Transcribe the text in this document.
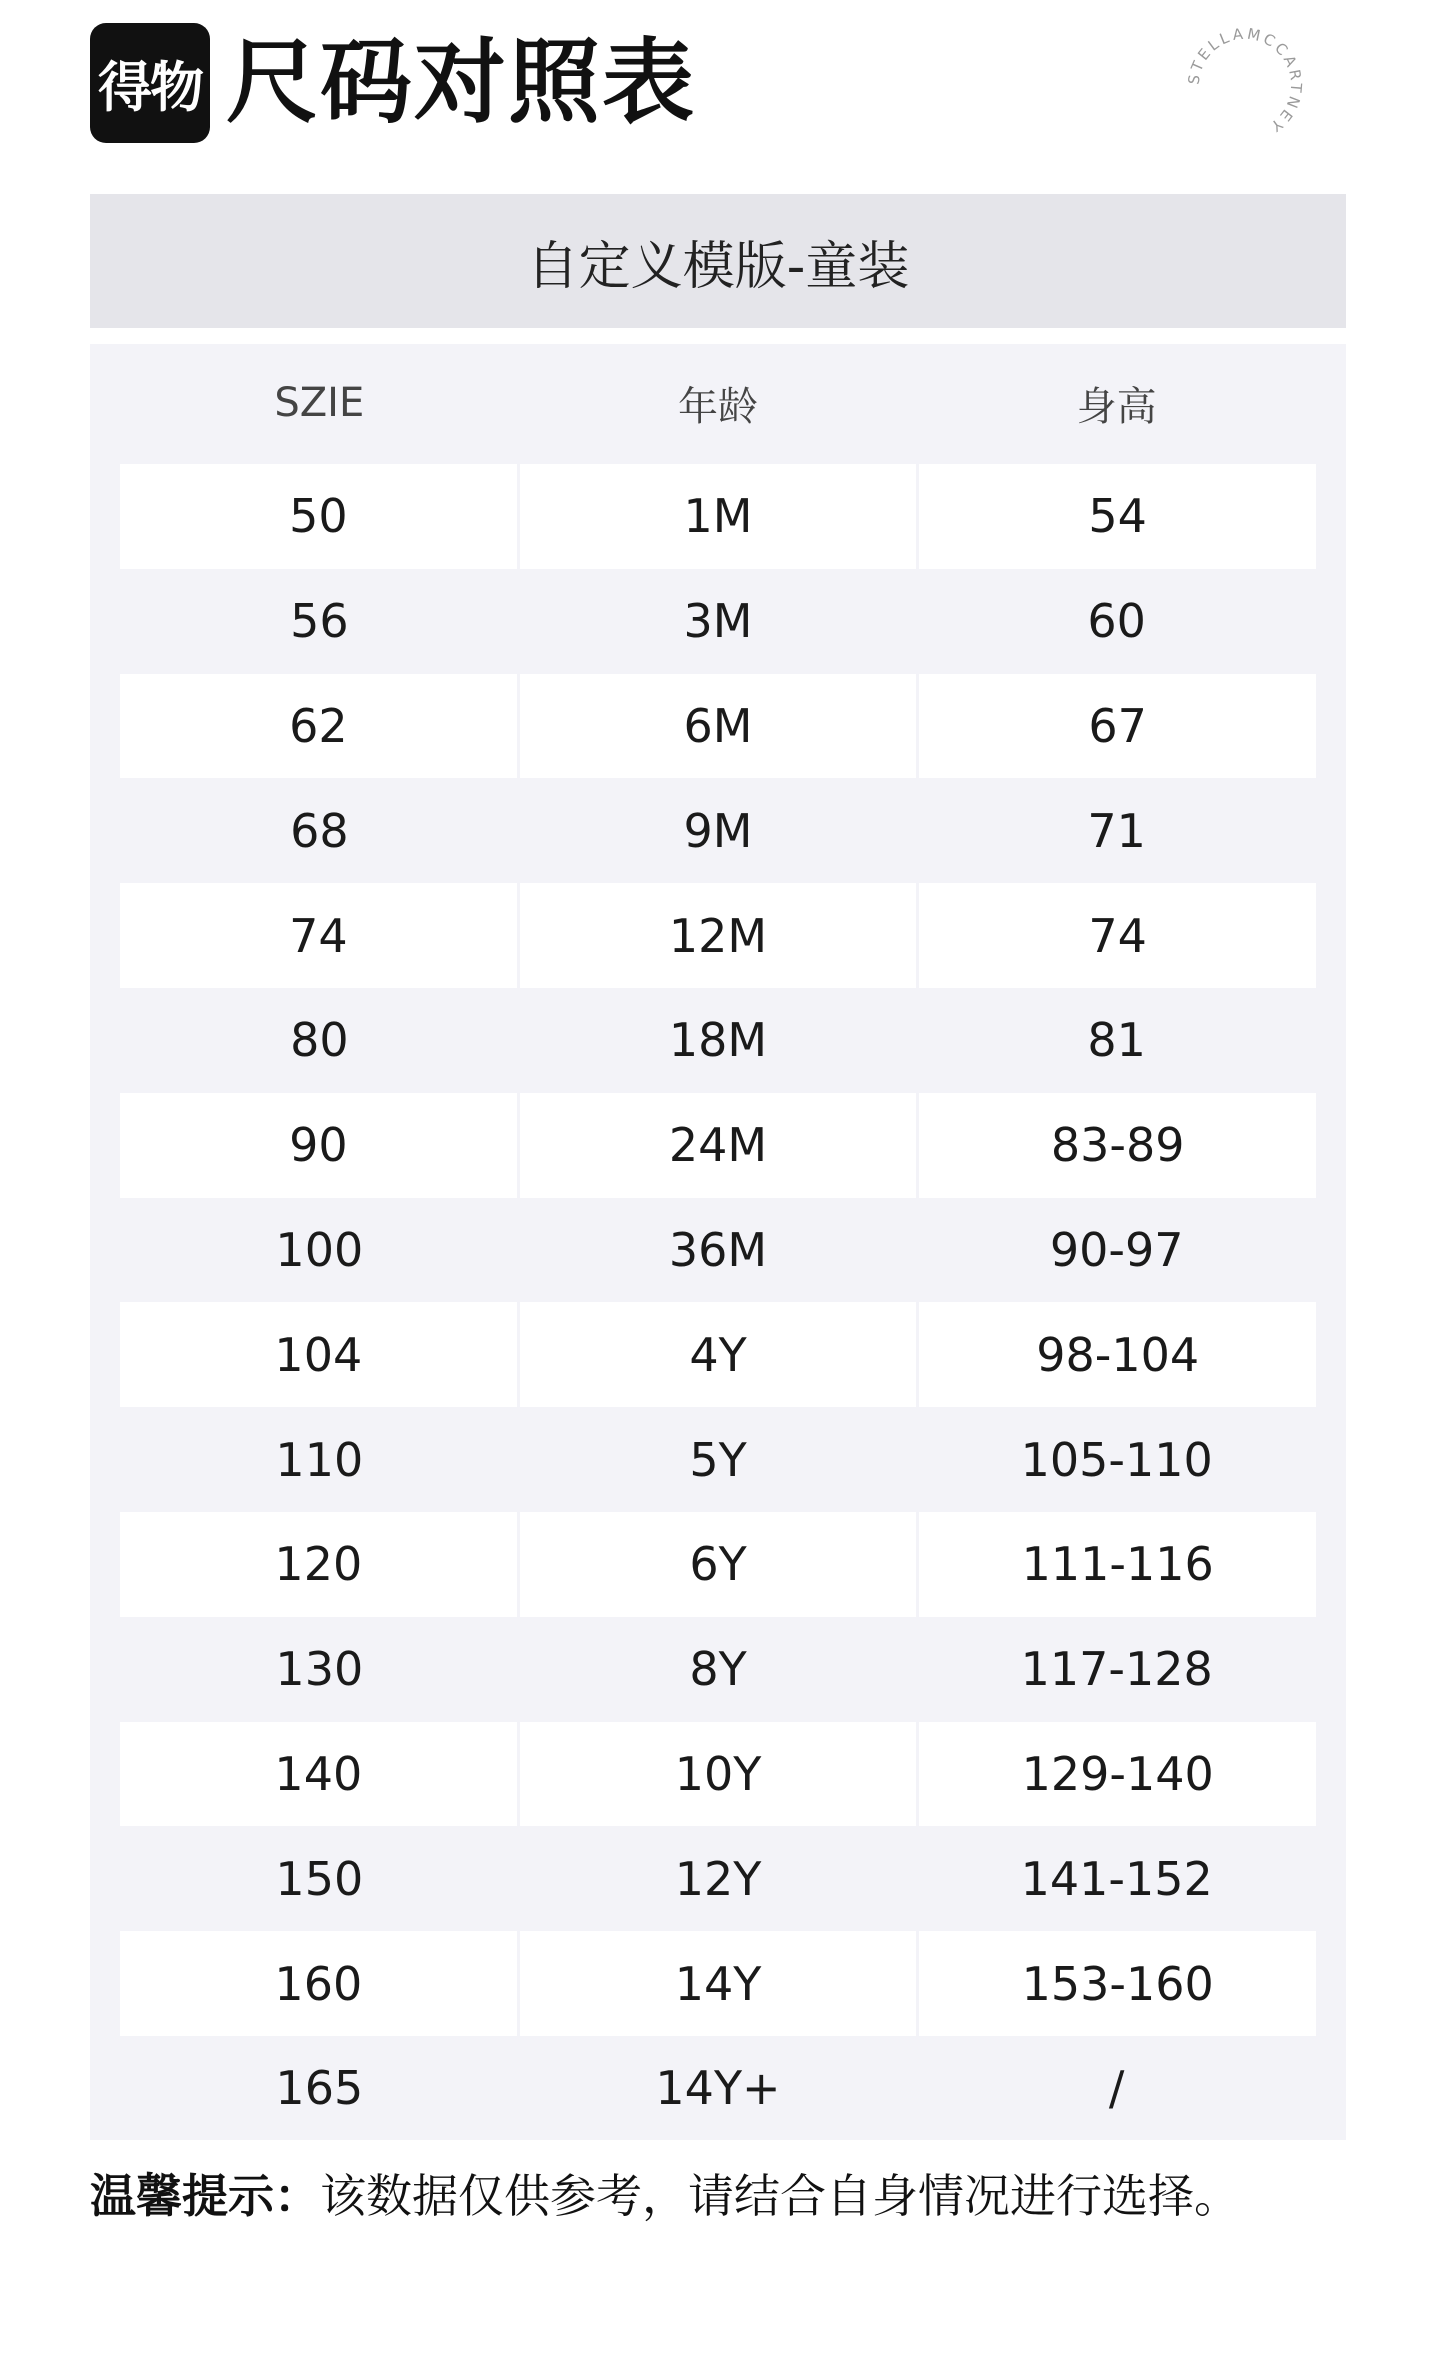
得物 尺码对照表	STELLAMCCARTNEY
自定义模版-童装
SZIE	年龄	身高
50	1M	54
56	3M	60
62	6M	67
68	9M	71
74	12M	74
80	18M	81
90	24M	83-89
100	36M	90-97
104	4Y	98-104
110	5Y	105-110
120	6Y	111-116
130	8Y	117-128
140	10Y	129-140
150	12Y	141-152
160	14Y	153-160
165	14Y+	/
温馨提示：该数据仅供参考，请结合自身情况进行选择。
